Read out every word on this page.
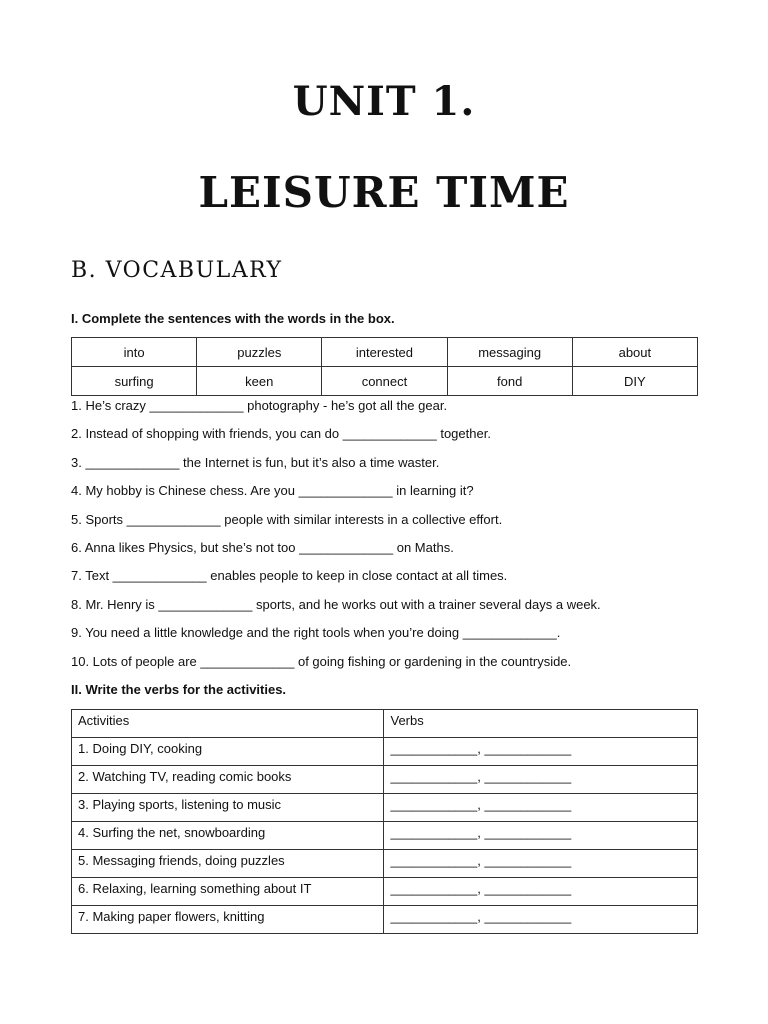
UNIT 1.
LEISURE TIME
B. VOCABULARY

I. Complete the sentences with the words in the box.

into	puzzles	interested	messaging	about
surfing	keen	connect	fond	DIY
1. He’s crazy _____________ photography - he’s got all the gear.
2. Instead of shopping with friends, you can do _____________ together.
3. _____________ the Internet is fun, but it’s also a time waster.
4. My hobby is Chinese chess. Are you _____________ in learning it?
5. Sports _____________ people with similar interests in a collective effort.
6. Anna likes Physics, but she’s not too _____________ on Maths.
7. Text _____________ enables people to keep in close contact at all times.
8. Mr. Henry is _____________ sports, and he works out with a trainer several days a week.
9. You need a little knowledge and the right tools when you’re doing _____________.
10. Lots of people are _____________ of going fishing or gardening in the countryside.

II. Write the verbs for the activities.

Activities	Verbs
1. Doing DIY, cooking	____________, ____________
2. Watching TV, reading comic books	____________, ____________
3. Playing sports, listening to music	____________, ____________
4. Surfing the net, snowboarding	____________, ____________
5. Messaging friends, doing puzzles	____________, ____________
6. Relaxing, learning something about IT	____________, ____________
7. Making paper flowers, knitting	____________, ____________
